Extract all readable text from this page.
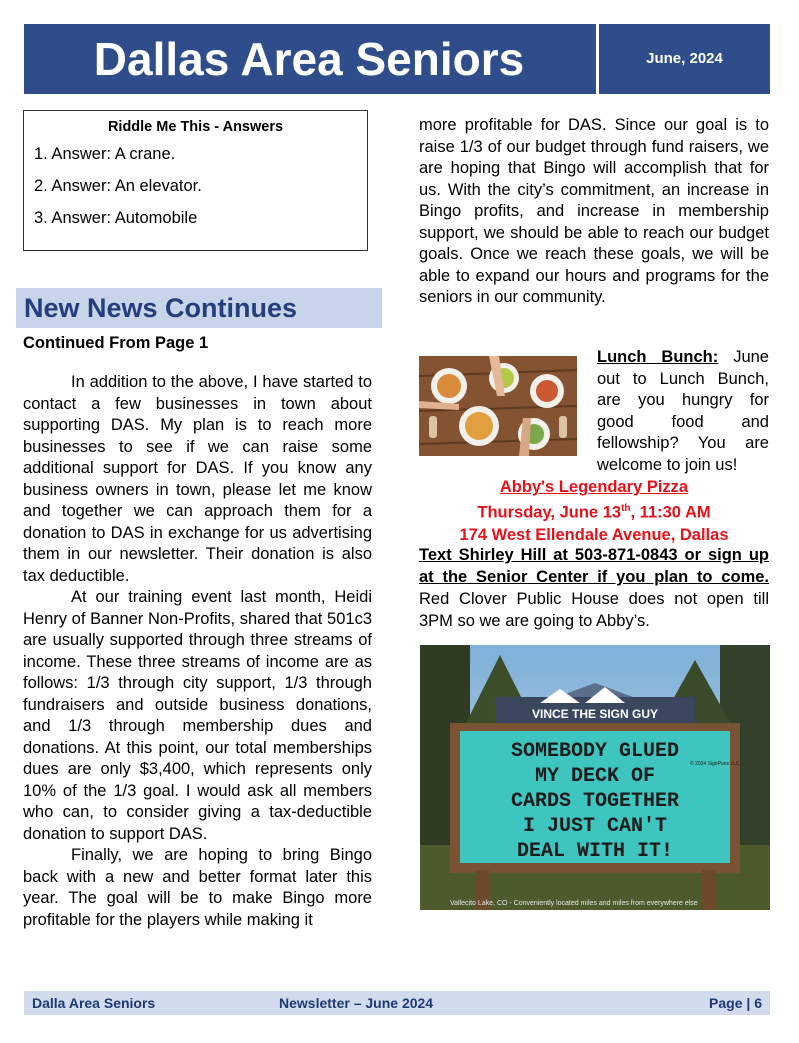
Dallas Area Seniors	June, 2024
Riddle Me This - Answers
1. Answer: A crane.
2. Answer: An elevator.
3. Answer: Automobile
New News Continues
Continued From Page 1

In addition to the above, I have started to contact a few businesses in town about supporting DAS. My plan is to reach more businesses to see if we can raise some additional support for DAS. If you know any business owners in town, please let me know and together we can approach them for a donation to DAS in exchange for us advertising them in our newsletter. Their donation is also tax deductible.

At our training event last month, Heidi Henry of Banner Non-Profits, shared that 501c3 are usually supported through three streams of income. These three streams of income are as follows: 1/3 through city support, 1/3 through fundraisers and outside business donations, and 1/3 through membership dues and donations. At this point, our total memberships dues are only $3,400, which represents only 10% of the 1/3 goal. I would ask all members who can, to consider giving a tax-deductible donation to support DAS.

Finally, we are hoping to bring Bingo back with a new and better format later this year. The goal will be to make Bingo more profitable for the players while making it

more profitable for DAS. Since our goal is to raise 1/3 of our budget through fund raisers, we are hoping that Bingo will accomplish that for us. With the city’s commitment, an increase in Bingo profits, and increase in membership support, we should be able to reach our budget goals. Once we reach these goals, we will be able to expand our hours and programs for the seniors in our community.
Lunch Bunch: June out to Lunch Bunch, are you hungry for good food and fellowship? You are welcome to join us!
Abby's Legendary Pizza
Thursday, June 13th, 11:30 AM
174 West Ellendale Avenue, Dallas
Text Shirley Hill at 503-871-0843 or sign up at the Senior Center if you plan to come. Red Clover Public House does not open till 3PM so we are going to Abby’s.
VINCE THE SIGN GUY
SOMEBODY GLUED
MY DECK OF
CARDS TOGETHER
I JUST CAN'T
DEAL WITH IT!
© 2024 SignPuns LLC
Vallecito Lake, CO - Conveniently located miles and miles from everywhere else
Dalla Area Seniors	Newsletter – June 2024	Page | 6
